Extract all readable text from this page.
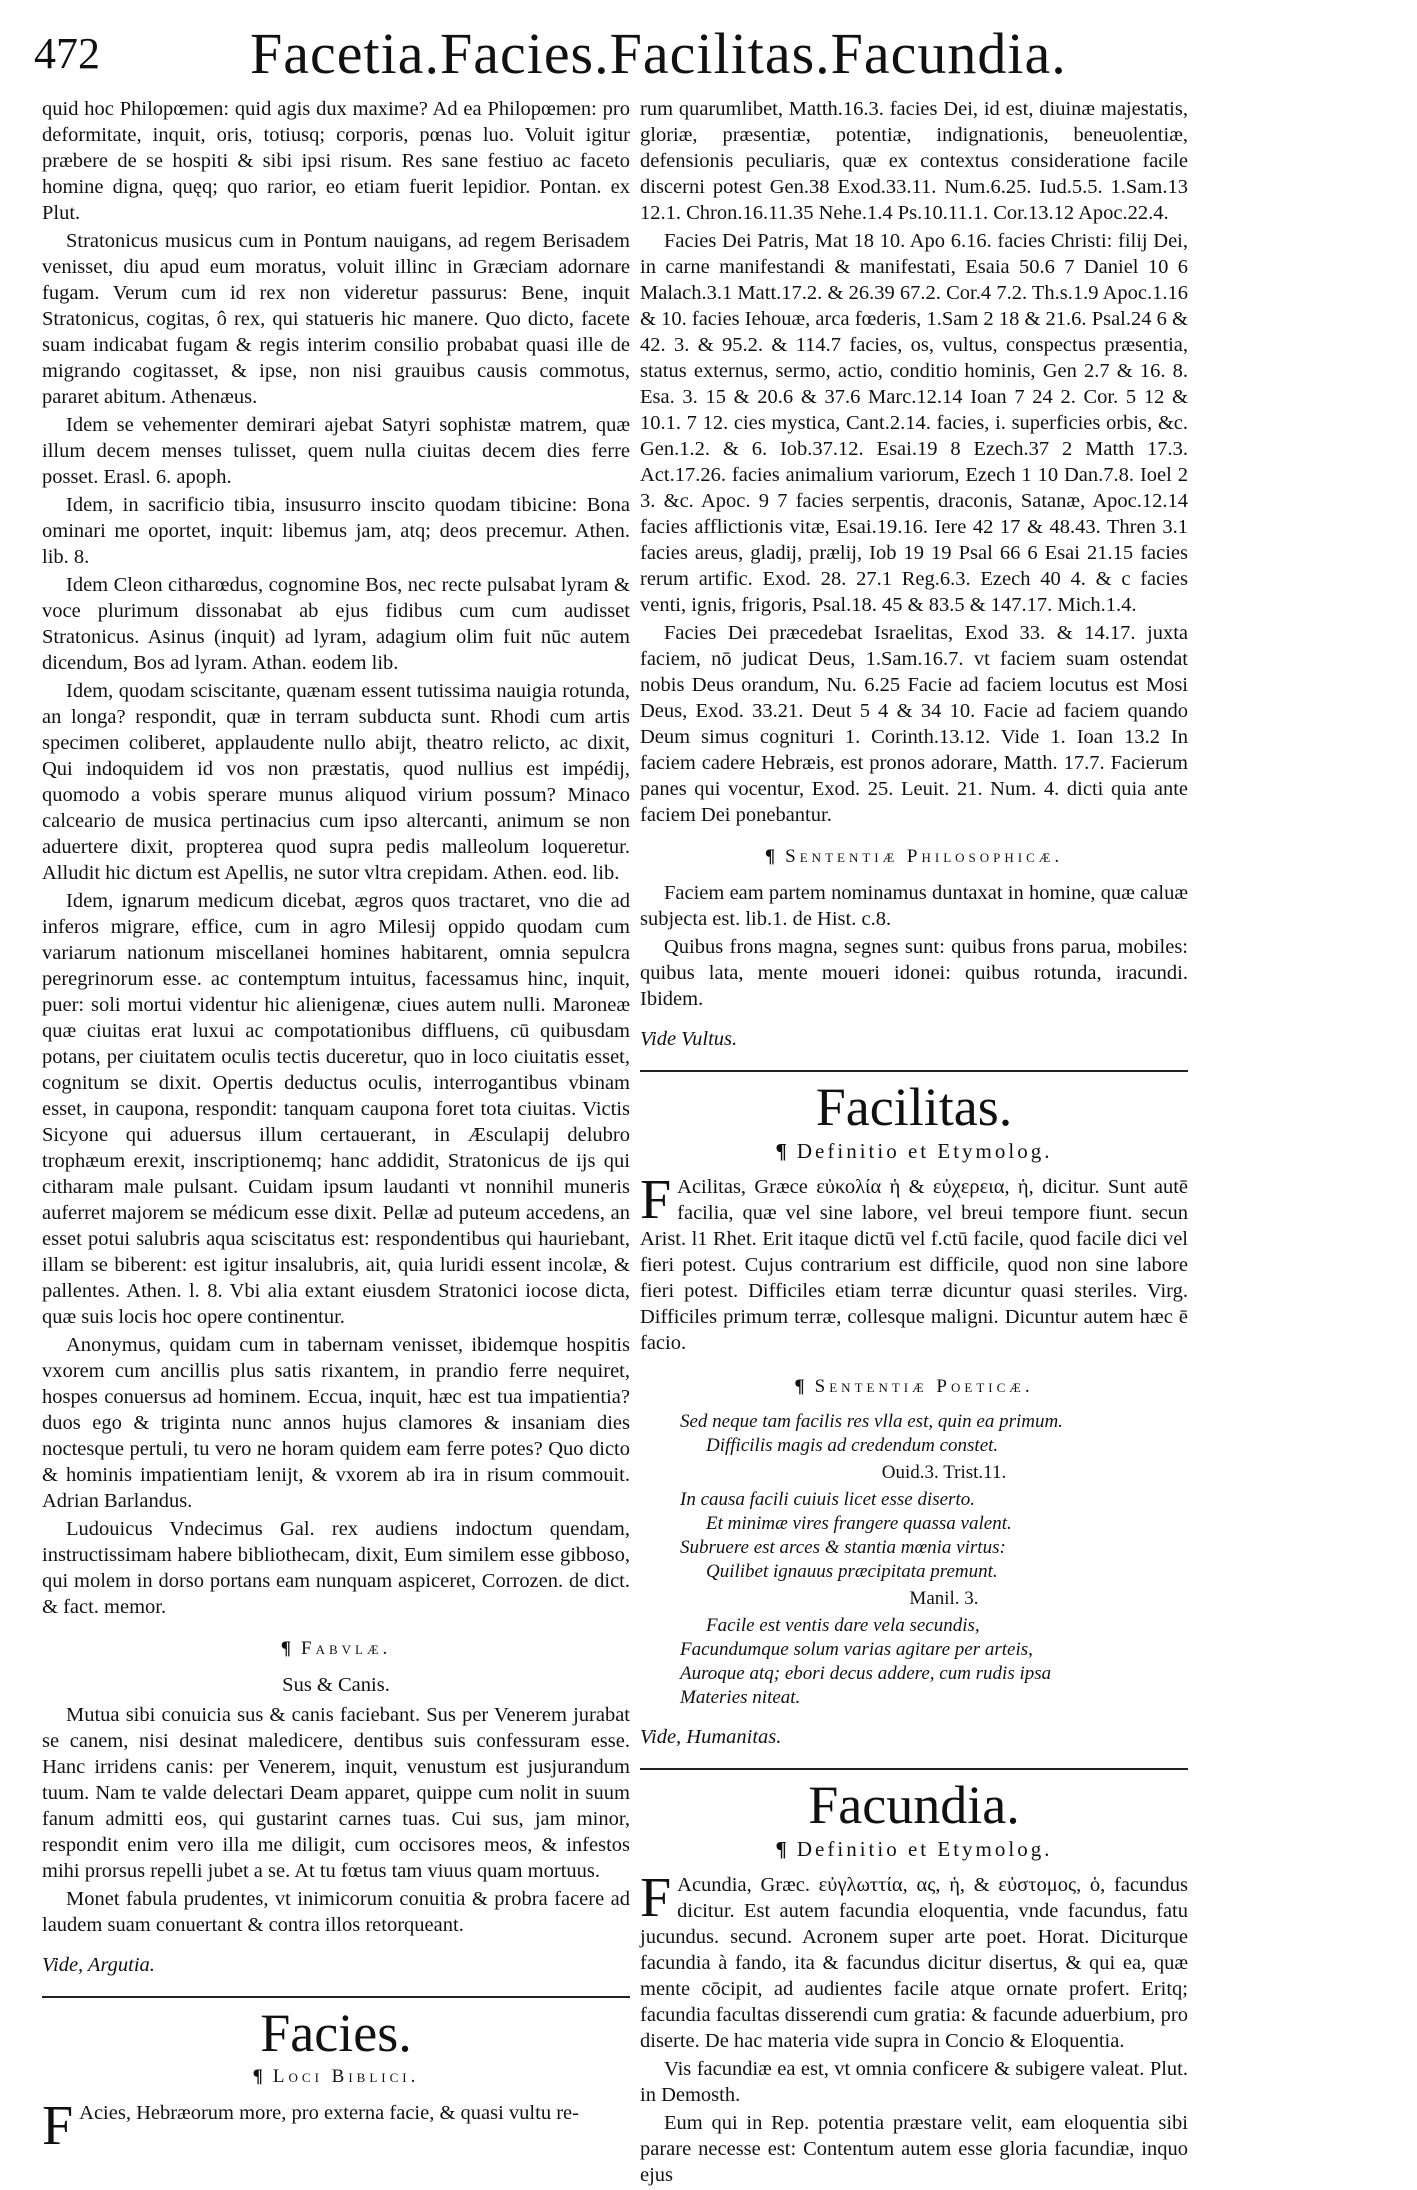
472	Facetia.Facies.Facilitas.Facundia.

quid hoc Philopœmen: quid agis dux maxime? Ad ea Philopœmen: pro deformitate, inquit, oris, totiusq; corporis, pœnas luo. Voluit igitur præbere de se hospiti & sibi ipsi risum. Res sane festiuo ac faceto homine digna, quęq; quo rarior, eo etiam fuerit lepidior. Pontan. ex Plut.

Stratonicus musicus cum in Pontum nauigans, ad regem Berisadem venisset, diu apud eum moratus, voluit illinc in Græciam adornare fugam. Verum cum id rex non videretur passurus: Bene, inquit Stratonicus, cogitas, ô rex, qui statueris hic manere. Quo dicto, facete suam indicabat fugam & regis interim consilio probabat quasi ille de migrando cogitasset, & ipse, non nisi grauibus causis commotus, pararet abitum. Athenæus.

Idem se vehementer demirari ajebat Satyri sophistæ matrem, quæ illum decem menses tulisset, quem nulla ciuitas decem dies ferre posset. Erasl. 6. apoph.

Idem, in sacrificio tibia, insusurro inscito quodam tibicine: Bona ominari me oportet, inquit: libemus jam, atq; deos precemur. Athen. lib. 8.

Idem Cleon citharœdus, cognomine Bos, nec recte pulsabat lyram & voce plurimum dissonabat ab ejus fidibus cum cum audisset Stratonicus. Asinus (inquit) ad lyram, adagium olim fuit nūc autem dicendum, Bos ad lyram. Athan. eodem lib.

Idem, quodam sciscitante, quænam essent tutissima nauigia rotunda, an longa? respondit, quæ in terram subducta sunt. Rhodi cum artis specimen coliberet, applaudente nullo abijt, theatro relicto, ac dixit, Qui indoquidem id vos non præstatis, quod nullius est impédij, quomodo a vobis sperare munus aliquod virium possum? Minaco calceario de musica pertinacius cum ipso altercanti, animum se non aduertere dixit, propterea quod supra pedis malleolum loqueretur. Alludit hic dictum est Apellis, ne sutor vltra crepidam. Athen. eod. lib.

Idem, ignarum medicum dicebat, ægros quos tractaret, vno die ad inferos migrare, effice, cum in agro Milesij oppido quodam cum variarum nationum miscellanei homines habitarent, omnia sepulcra peregrinorum esse. ac contemptum intuitus, facessamus hinc, inquit, puer: soli mortui videntur hic alienigenæ, ciues autem nulli. Maroneæ quæ ciuitas erat luxui ac compotationibus diffluens, cū quibusdam potans, per ciuitatem oculis tectis duceretur, quo in loco ciuitatis esset, cognitum se dixit. Opertis deductus oculis, interrogantibus vbinam esset, in caupona, respondit: tanquam caupona foret tota ciuitas. Victis Sicyone qui aduersus illum certauerant, in Æsculapij delubro trophæum erexit, inscriptionemq; hanc addidit, Stratonicus de ijs qui citharam male pulsant. Cuidam ipsum laudanti vt nonnihil muneris auferret majorem se médicum esse dixit. Pellæ ad puteum accedens, an esset potui salubris aqua sciscitatus est: respondentibus qui hauriebant, illam se biberent: est igitur insalubris, ait, quia luridi essent incolæ, & pallentes. Athen. l. 8. Vbi alia extant eiusdem Stratonici iocose dicta, quæ suis locis hoc opere continentur.

Anonymus, quidam cum in tabernam venisset, ibidemque hospitis vxorem cum ancillis plus satis rixantem, in prandio ferre nequiret, hospes conuersus ad hominem. Eccua, inquit, hæc est tua impatientia? duos ego & triginta nunc annos hujus clamores & insaniam dies noctesque pertuli, tu vero ne horam quidem eam ferre potes? Quo dicto & hominis impatientiam lenijt, & vxorem ab ira in risum commouit. Adrian Barlandus.

Ludouicus Vndecimus Gal. rex audiens indoctum quendam, instructissimam habere bibliothecam, dixit, Eum similem esse gibboso, qui molem in dorso portans eam nunquam aspiceret, Corrozen. de dict. & fact. memor.

¶ Fabvlæ.
Sus & Canis.

Mutua sibi conuicia sus & canis faciebant. Sus per Venerem jurabat se canem, nisi desinat maledicere, dentibus suis confessuram esse. Hanc irridens canis: per Venerem, inquit, venustum est jusjurandum tuum. Nam te valde delectari Deam apparet, quippe cum nolit in suum fanum admitti eos, qui gustarint carnes tuas. Cui sus, jam minor, respondit enim vero illa me diligit, cum occisores meos, & infestos mihi prorsus repelli jubet a se. At tu fœtus tam viuus quam mortuus.

Monet fabula prudentes, vt inimicorum conuitia & probra facere ad laudem suam conuertant & contra illos retorqueant.

Vide, Argutia.

Facies.
¶ Loci Biblici.

F Acies, Hebræorum more, pro externa facie, & quasi vultu re-

rum quarumlibet, Matth.16.3. facies Dei, id est, diuinæ majestatis, gloriæ, præsentiæ, potentiæ, indignationis, beneuolentiæ, defensionis peculiaris, quæ ex contextus consideratione facile discerni potest Gen.38 Exod.33.11. Num.6.25. Iud.5.5. 1.Sam.13 12.1. Chron.16.11.35 Nehe.1.4 Ps.10.11.1. Cor.13.12 Apoc.22.4.

Facies Dei Patris, Mat 18 10. Apo 6.16. facies Christi: filij Dei, in carne manifestandi & manifestati, Esaia 50.6 7 Daniel 10 6 Malach.3.1 Matt.17.2. & 26.39 67.2. Cor.4 7.2. Th.s.1.9 Apoc.1.16 & 10. facies Iehouæ, arca fœderis, 1.Sam 2 18 & 21.6. Psal.24 6 & 42. 3. & 95.2. & 114.7 facies, os, vultus, conspectus præsentia, status externus, sermo, actio, conditio hominis, Gen 2.7 & 16. 8. Esa. 3. 15 & 20.6 & 37.6 Marc.12.14 Ioan 7 24 2. Cor. 5 12 & 10.1. 7 12. cies mystica, Cant.2.14. facies, i. superficies orbis, &c. Gen.1.2. & 6. Iob.37.12. Esai.19 8 Ezech.37 2 Matth 17.3. Act.17.26. facies animalium variorum, Ezech 1 10 Dan.7.8. Ioel 2 3. &c. Apoc. 9 7 facies serpentis, draconis, Satanæ, Apoc.12.14 facies afflictionis vitæ, Esai.19.16. Iere 42 17 & 48.43. Thren 3.1 facies areus, gladij, prælij, Iob 19 19 Psal 66 6 Esai 21.15 facies rerum artific. Exod. 28. 27.1 Reg.6.3. Ezech 40 4. & c facies venti, ignis, frigoris, Psal.18. 45 & 83.5 & 147.17. Mich.1.4.

Facies Dei præcedebat Israelitas, Exod 33. & 14.17. juxta faciem, nō judicat Deus, 1.Sam.16.7. vt faciem suam ostendat nobis Deus orandum, Nu. 6.25 Facie ad faciem locutus est Mosi Deus, Exod. 33.21. Deut 5 4 & 34 10. Facie ad faciem quando Deum simus cognituri 1. Corinth.13.12. Vide 1. Ioan 13.2 In faciem cadere Hebræis, est pronos adorare, Matth. 17.7. Facierum panes qui vocentur, Exod. 25. Leuit. 21. Num. 4. dicti quia ante faciem Dei ponebantur.

¶ Sententiæ Philosophicæ.

Faciem eam partem nominamus duntaxat in homine, quæ caluæ subjecta est. lib.1. de Hist. c.8.

Quibus frons magna, segnes sunt: quibus frons parua, mobiles: quibus lata, mente moueri idonei: quibus rotunda, iracundi. Ibidem.

Vide Vultus.

Facilitas.
¶ Definitio et Etymolog.

F Acilitas, Græce εὐκολία ἡ & εὐχερεια, ἡ, dicitur. Sunt autē facilia, quæ vel sine labore, vel breui tempore fiunt. secun Arist. l1 Rhet. Erit itaque dictū vel f.ctū facile, quod facile dici vel fieri potest. Cujus contrarium est difficile, quod non sine labore fieri potest. Difficiles etiam terræ dicuntur quasi steriles. Virg. Difficiles primum terræ, collesque maligni. Dicuntur autem hæc ē facio.

¶ Sententiæ Poeticæ.
Sed neque tam facilis res vlla est, quin ea primum.
Difficilis magis ad credendum constet.
Ouid.3. Trist.11.
In causa facili cuiuis licet esse diserto.
Et minimæ vires frangere quassa valent.
Subruere est arces & stantia mœnia virtus:
Quilibet ignauus præcipitata premunt.
Manil. 3.
Facile est ventis dare vela secundis,
Facundumque solum varias agitare per arteis,
Auroque atq; ebori decus addere, cum rudis ipsa
Materies niteat.

Vide, Humanitas.

Facundia.
¶ Definitio et Etymolog.

F Acundia, Græc. εὐγλωττία, ας, ἡ, & εὐστομος, ὁ, facundus dicitur. Est autem facundia eloquentia, vnde facundus, fatu jucundus. secund. Acronem super arte poet. Horat. Diciturque facundia à fando, ita & facundus dicitur disertus, & qui ea, quæ mente cōcipit, ad audientes facile atque ornate profert. Eritq; facundia facultas disserendi cum gratia: & facunde aduerbium, pro diserte. De hac materia vide supra in Concio & Eloquentia.

Vis facundiæ ea est, vt omnia conficere & subigere valeat. Plut. in Demosth.

Eum qui in Rep. potentia præstare velit, eam eloquentia sibi parare necesse est: Contentum autem esse gloria facundiæ, inquo ejus
